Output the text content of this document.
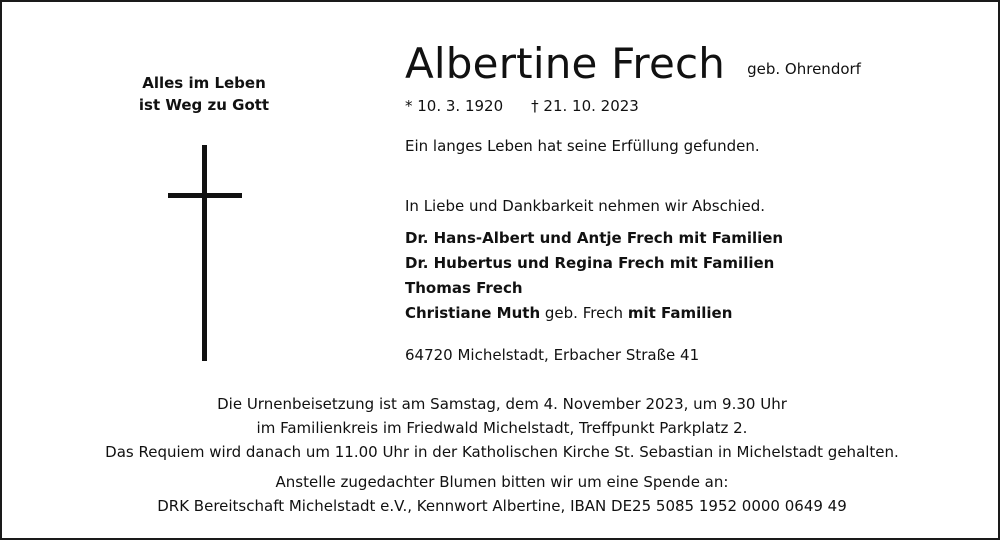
Alles im Leben
ist Weg zu Gott
Albertine Frech geb. Ohrendorf
* 10. 3. 1920 † 21. 10. 2023
Ein langes Leben hat seine Erfüllung gefunden.
In Liebe und Dankbarkeit nehmen wir Abschied.
Dr. Hans-Albert und Antje Frech mit Familien
Dr. Hubertus und Regina Frech mit Familien
Thomas Frech
Christiane Muth geb. Frech mit Familien
64720 Michelstadt, Erbacher Straße 41
Die Urnenbeisetzung ist am Samstag, dem 4. November 2023, um 9.30 Uhr
im Familienkreis im Friedwald Michelstadt, Treffpunkt Parkplatz 2.
Das Requiem wird danach um 11.00 Uhr in der Katholischen Kirche St. Sebastian in Michelstadt gehalten.
Anstelle zugedachter Blumen bitten wir um eine Spende an:
DRK Bereitschaft Michelstadt e.V., Kennwort Albertine, IBAN DE25 5085 1952 0000 0649 49
